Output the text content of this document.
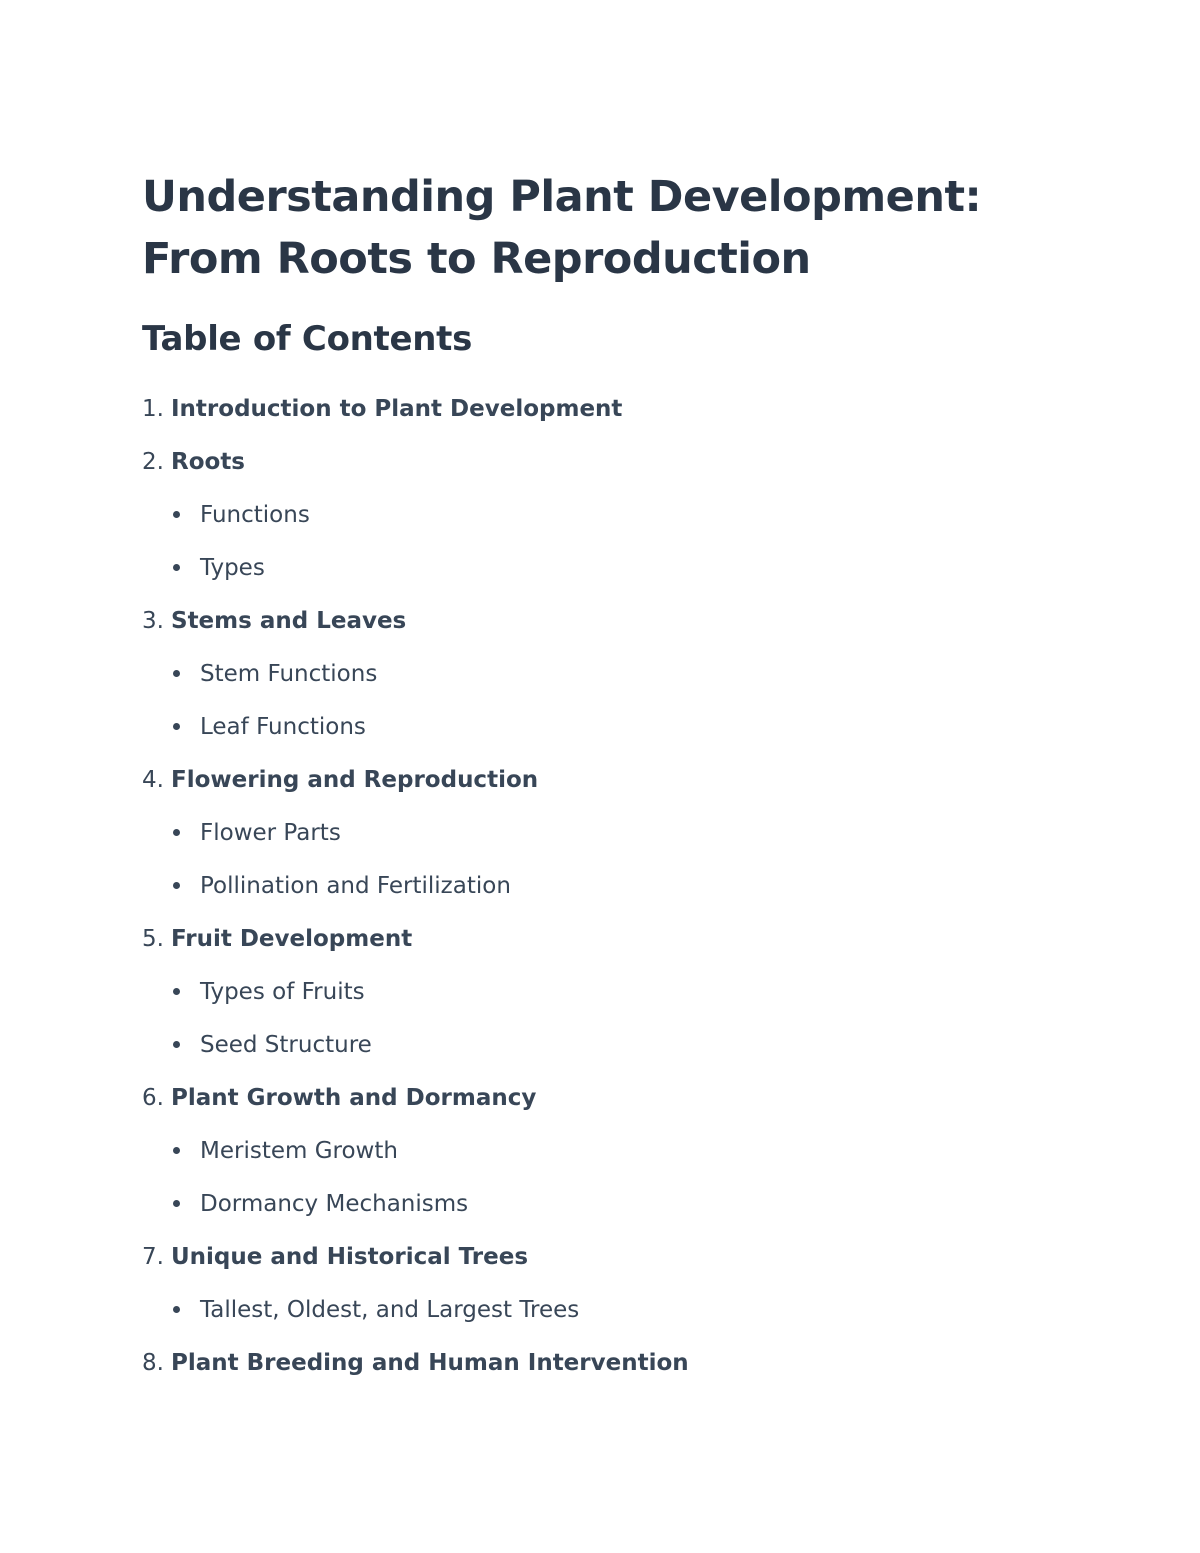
Understanding Plant Development:
From Roots to Reproduction
Table of Contents
1. Introduction to Plant Development
2. Roots
Functions
Types
3. Stems and Leaves
Stem Functions
Leaf Functions
4. Flowering and Reproduction
Flower Parts
Pollination and Fertilization
5. Fruit Development
Types of Fruits
Seed Structure
6. Plant Growth and Dormancy
Meristem Growth
Dormancy Mechanisms
7. Unique and Historical Trees
Tallest, Oldest, and Largest Trees
8. Plant Breeding and Human Intervention
